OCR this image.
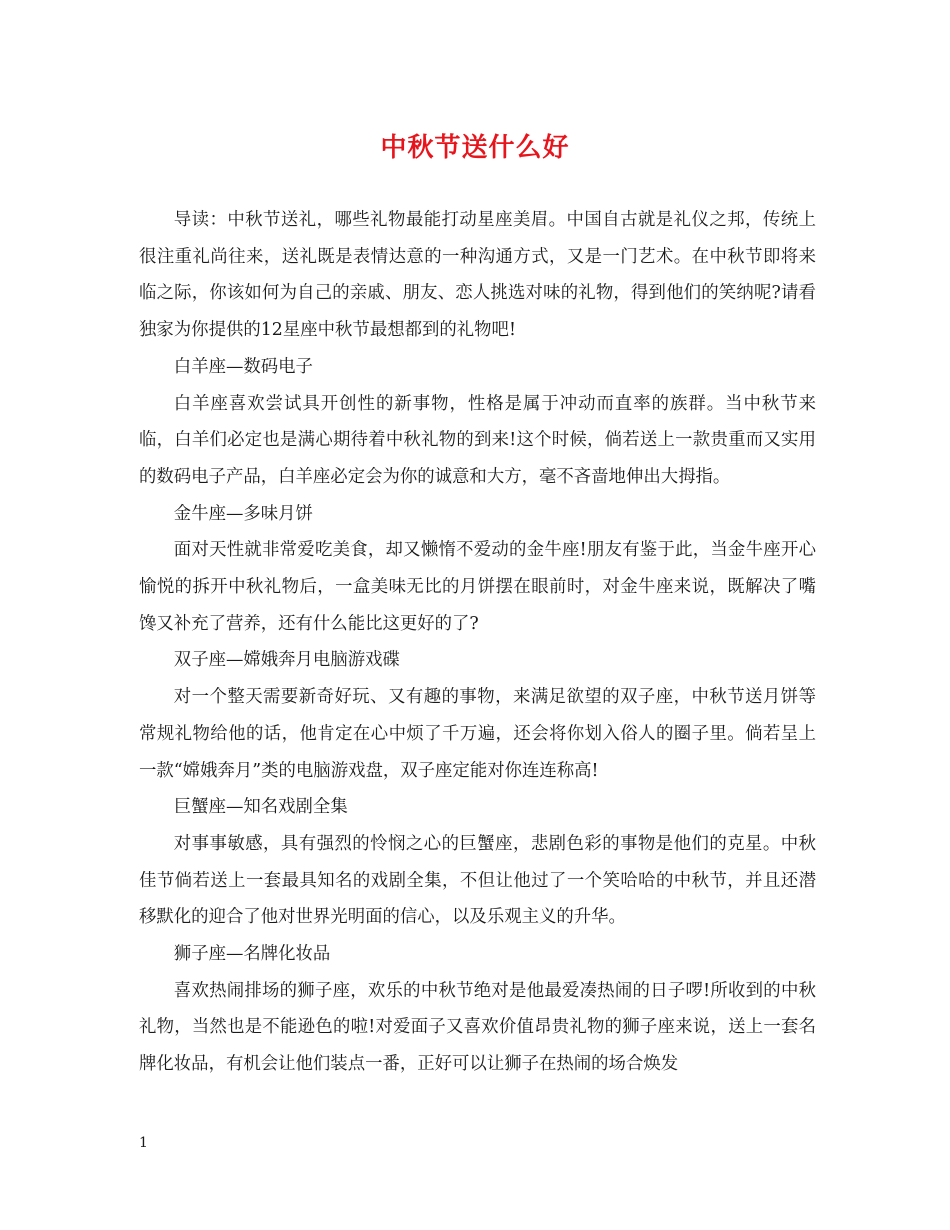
中秋节送什么好

导读：中秋节送礼，哪些礼物最能打动星座美眉。中国自古就是礼仪之邦，传统上很注重礼尚往来，送礼既是表情达意的一种沟通方式，又是一门艺术。在中秋节即将来临之际，你该如何为自己的亲戚、朋友、恋人挑选对味的礼物，得到他们的笑纳呢?请看独家为你提供的12星座中秋节最想都到的礼物吧!

白羊座—数码电子

白羊座喜欢尝试具开创性的新事物，性格是属于冲动而直率的族群。当中秋节来临，白羊们必定也是满心期待着中秋礼物的到来!这个时候，倘若送上一款贵重而又实用的数码电子产品，白羊座必定会为你的诚意和大方，毫不吝啬地伸出大拇指。

金牛座—多味月饼

面对天性就非常爱吃美食，却又懒惰不爱动的金牛座!朋友有鉴于此，当金牛座开心愉悦的拆开中秋礼物后，一盒美味无比的月饼摆在眼前时，对金牛座来说，既解决了嘴馋又补充了营养，还有什么能比这更好的了?

双子座—嫦娥奔月电脑游戏碟

对一个整天需要新奇好玩、又有趣的事物，来满足欲望的双子座，中秋节送月饼等常规礼物给他的话，他肯定在心中烦了千万遍，还会将你划入俗人的圈子里。倘若呈上一款“嫦娥奔月”类的电脑游戏盘，双子座定能对你连连称高!

巨蟹座—知名戏剧全集

对事事敏感，具有强烈的怜悯之心的巨蟹座，悲剧色彩的事物是他们的克星。中秋佳节倘若送上一套最具知名的戏剧全集，不但让他过了一个笑哈哈的中秋节，并且还潜移默化的迎合了他对世界光明面的信心，以及乐观主义的升华。

狮子座—名牌化妆品

喜欢热闹排场的狮子座，欢乐的中秋节绝对是他最爱凑热闹的日子啰!所收到的中秋礼物，当然也是不能逊色的啦!对爱面子又喜欢价值昂贵礼物的狮子座来说，送上一套名牌化妆品，有机会让他们装点一番，正好可以让狮子在热闹的场合焕发

1
